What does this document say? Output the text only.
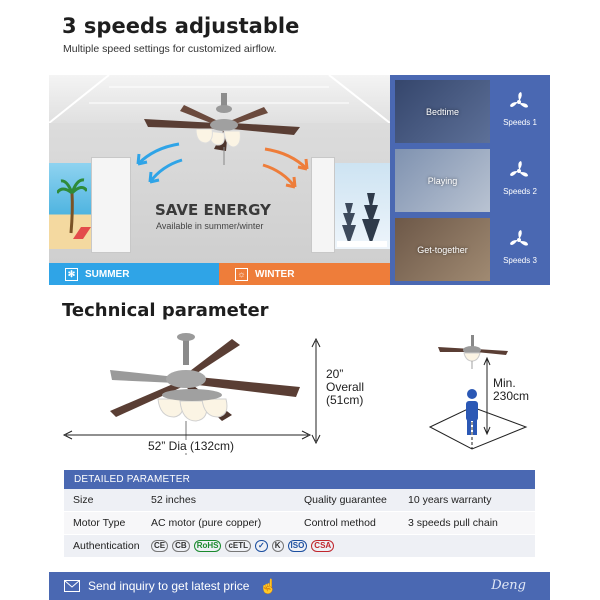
3 speeds adjustable
Multiple speed settings for customized airflow.
SAVE ENERGY
Available in summer/winter
✻ SUMMER	☼ WINTER
Bedtime
Speeds 1
Playing
Speeds 2
Get-together
Speeds 3
Technical parameter
20”
Overall
(51cm)
52” Dia (132cm)
Min.
230cm
DETAILED PARAMETER
Size	52 inches	Quality guarantee	10 years warranty
Motor Type	AC motor (pure copper)	Control method	3 speeds pull chain
Authentication	CE	CB	RoHS	cETL	✓	K	ISO	CSA
Send inquiry to get latest price ☝	Deng
